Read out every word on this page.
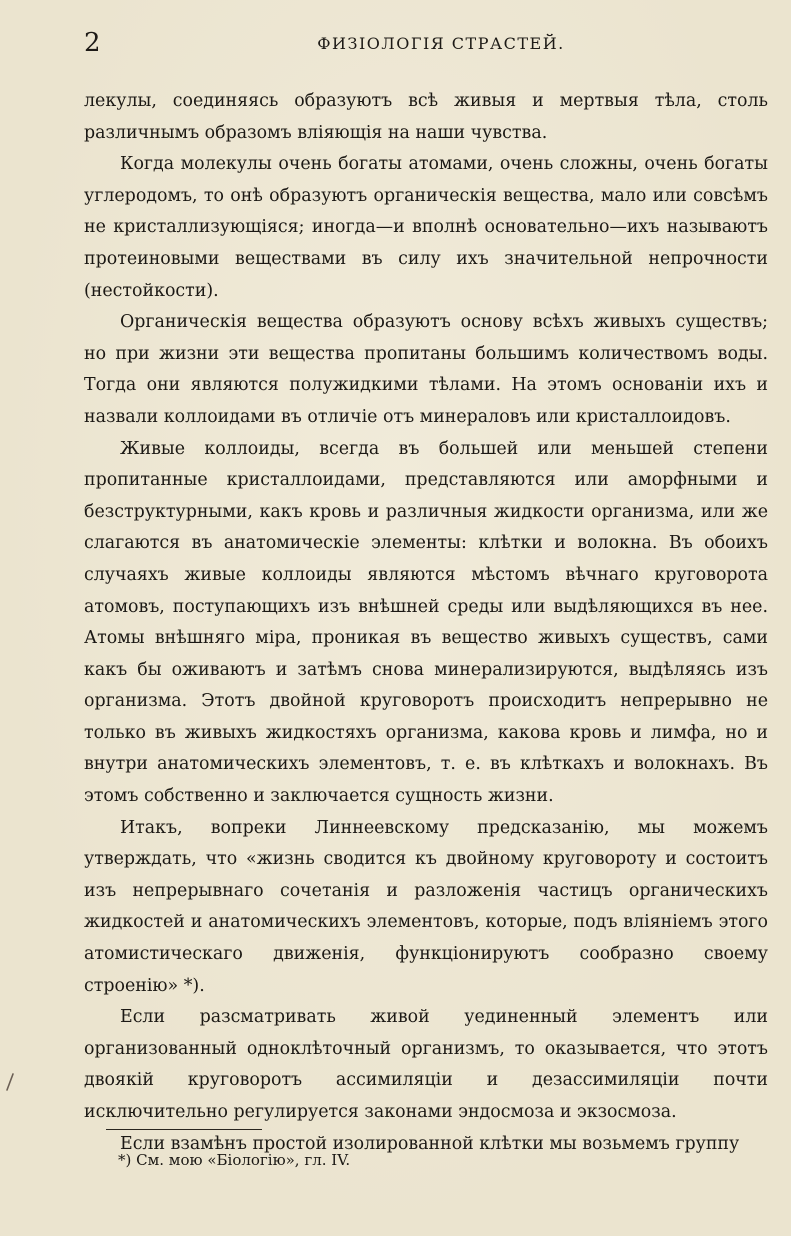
2	ФИЗІОЛОГІЯ СТРАСТЕЙ.

лекулы, соединяясь образуютъ всѣ живыя и мертвыя тѣла, столь различнымъ образомъ вліяющія на наши чувства.

Когда молекулы очень богаты атомами, очень сложны, очень богаты углеродомъ, то онѣ образуютъ органическія вещества, мало или совсѣмъ не кристаллизующіяся; иногда—и вполнѣ основательно—ихъ называютъ протеиновыми веществами въ силу ихъ значительной непрочности (нестойкости).

Органическія вещества образуютъ основу всѣхъ живыхъ существъ; но при жизни эти вещества пропитаны большимъ количествомъ воды. Тогда они являются полужидкими тѣлами. На этомъ основаніи ихъ и назвали коллоидами въ отличіе отъ минераловъ или кристаллоидовъ.

Живые коллоиды, всегда въ большей или меньшей степени пропитанные кристаллоидами, представляются или аморфными и безструктурными, какъ кровь и различныя жидкости организма, или же слагаются въ анатомическіе элементы: клѣтки и волокна. Въ обоихъ случаяхъ живые коллоиды являются мѣстомъ вѣчнаго круговорота атомовъ, поступающихъ изъ внѣшней среды или выдѣляющихся въ нее. Атомы внѣшняго міра, проникая въ вещество живыхъ существъ, сами какъ бы оживаютъ и затѣмъ снова минерализируются, выдѣляясь изъ организма. Этотъ двойной круговоротъ происходитъ непрерывно не только въ живыхъ жидкостяхъ организма, какова кровь и лимфа, но и внутри анатомическихъ элементовъ, т. е. въ клѣткахъ и волокнахъ. Въ этомъ собственно и заключается сущность жизни.

Итакъ, вопреки Линнеевскому предсказанію, мы можемъ утверждать, что «жизнь сводится къ двойному круговороту и состоитъ изъ непрерывнаго сочетанія и разложенія частицъ органическихъ жидкостей и анатомическихъ элементовъ, которые, подъ вліяніемъ этого атомистическаго движенія, функціонируютъ сообразно своему строенію» *).

Если разсматривать живой уединенный элементъ или организованный одноклѣточный организмъ, то оказывается, что этотъ двоякій круговоротъ ассимиляціи и дезассимиляціи почти исключительно регулируется законами эндосмоза и экзосмоза.

Если взамѣнъ простой изолированной клѣтки мы возьмемъ группу

*) См. мою «Біологію», гл. IV.
